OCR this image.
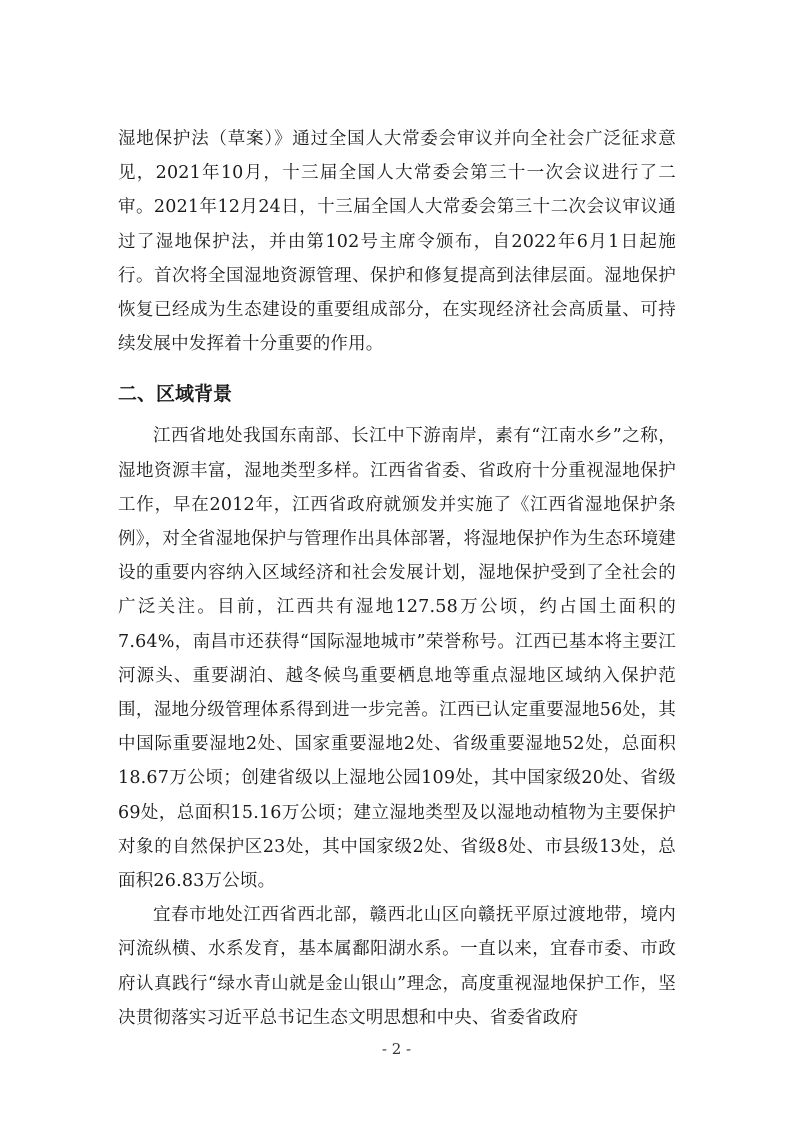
湿地保护法（草案）》通过全国人大常委会审议并向全社会广泛征求意见，2021年10月，十三届全国人大常委会第三十一次会议进行了二审。2021年12月24日，十三届全国人大常委会第三十二次会议审议通过了湿地保护法，并由第102号主席令颁布，自2022年6月1日起施行。首次将全国湿地资源管理、保护和修复提高到法律层面。湿地保护恢复已经成为生态建设的重要组成部分，在实现经济社会高质量、可持续发展中发挥着十分重要的作用。

二、区域背景

江西省地处我国东南部、长江中下游南岸，素有“江南水乡”之称，湿地资源丰富，湿地类型多样。江西省省委、省政府十分重视湿地保护工作，早在2012年，江西省政府就颁发并实施了《江西省湿地保护条例》，对全省湿地保护与管理作出具体部署，将湿地保护作为生态环境建设的重要内容纳入区域经济和社会发展计划，湿地保护受到了全社会的广泛关注。目前，江西共有湿地127.58万公顷，约占国土面积的7.64%，南昌市还获得“国际湿地城市”荣誉称号。江西已基本将主要江河源头、重要湖泊、越冬候鸟重要栖息地等重点湿地区域纳入保护范围，湿地分级管理体系得到进一步完善。江西已认定重要湿地56处，其中国际重要湿地2处、国家重要湿地2处、省级重要湿地52处，总面积18.67万公顷；创建省级以上湿地公园109处，其中国家级20处、省级69处，总面积15.16万公顷；建立湿地类型及以湿地动植物为主要保护对象的自然保护区23处，其中国家级2处、省级8处、市县级13处，总面积26.83万公顷。

宜春市地处江西省西北部，赣西北山区向赣抚平原过渡地带，境内河流纵横、水系发育，基本属鄱阳湖水系。一直以来，宜春市委、市政府认真践行“绿水青山就是金山银山”理念，高度重视湿地保护工作，坚决贯彻落实习近平总书记生态文明思想和中央、省委省政府

- 2 -
